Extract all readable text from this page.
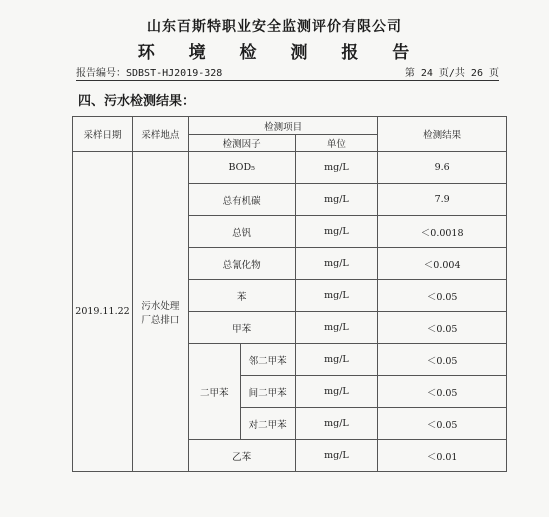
山东百斯特职业安全监测评价有限公司
环 境 检 测 报 告
报告编号：SDBST-HJ2019-328	第 24 页/共 26 页
四、污水检测结果：
采样日期	采样地点	检测项目			检测结果
		检测因子		单位	
2019.11.22	污水处理厂总排口	BOD₅		mg/L	9.6
		总有机碳		mg/L	7.9
		总钒		mg/L	＜0.0018
		总氰化物		mg/L	＜0.004
		苯		mg/L	＜0.05
		甲苯		mg/L	＜0.05
		二甲苯	邻二甲苯	mg/L	＜0.05
			间二甲苯	mg/L	＜0.05
			对二甲苯	mg/L	＜0.05
		乙苯		mg/L	＜0.01
